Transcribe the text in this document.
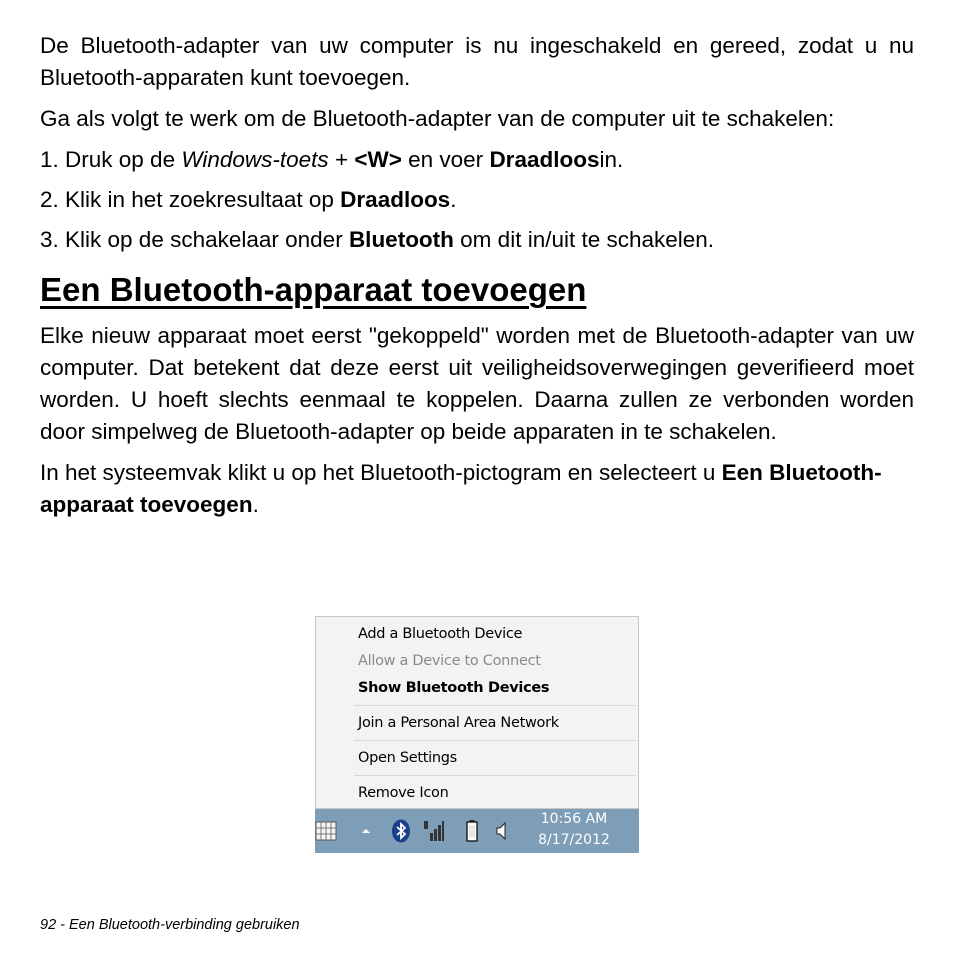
De Bluetooth-adapter van uw computer is nu ingeschakeld en gereed, zodat u nu Bluetooth-apparaten kunt toevoegen.

Ga als volgt te werk om de Bluetooth-adapter van de computer uit te schakelen:

1. Druk op de Windows-toets + <W> en voer Draadloosin.

2. Klik in het zoekresultaat op Draadloos.

3. Klik op de schakelaar onder Bluetooth om dit in/uit te schakelen.

Een Bluetooth-apparaat toevoegen

Elke nieuw apparaat moet eerst "gekoppeld" worden met de Bluetooth-adapter van uw computer. Dat betekent dat deze eerst uit veiligheidsoverwegingen geverifieerd moet worden. U hoeft slechts eenmaal te koppelen. Daarna zullen ze verbonden worden door simpelweg de Bluetooth-adapter op beide apparaten in te schakelen.

In het systeemvak klikt u op het Bluetooth-pictogram en selecteert u Een Bluetooth-apparaat toevoegen.

Add a Bluetooth Device
Allow a Device to Connect
Show Bluetooth Devices
Join a Personal Area Network
Open Settings
Remove Icon
10:56 AM
8/17/2012
92 - Een Bluetooth-verbinding gebruiken
